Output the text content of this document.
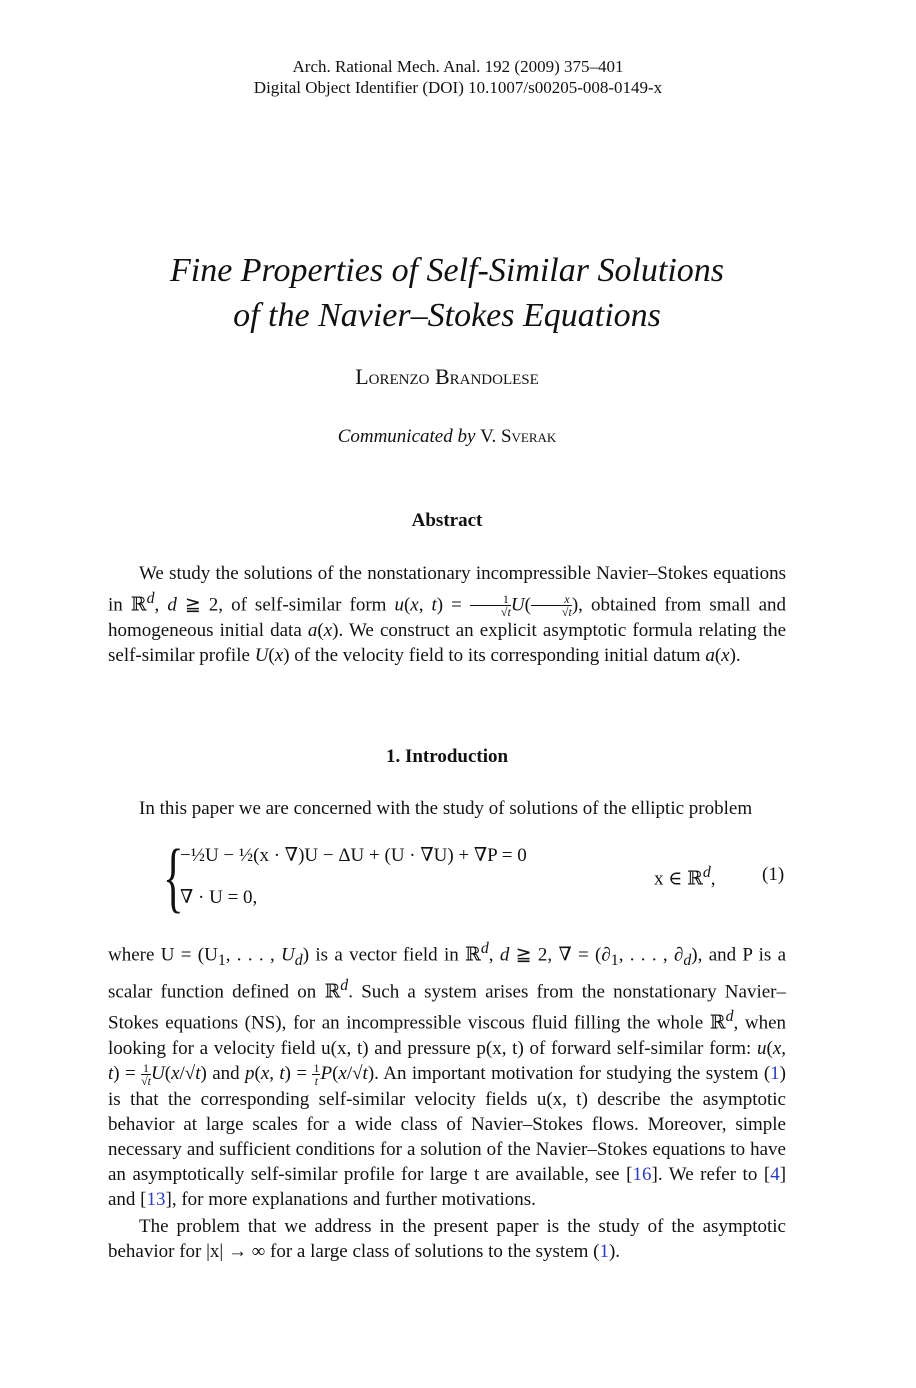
Arch. Rational Mech. Anal. 192 (2009) 375–401
Digital Object Identifier (DOI) 10.1007/s00205-008-0149-x
Fine Properties of Self-Similar Solutions
of the Navier–Stokes Equations
Lorenzo Brandolese
Communicated by V. Sverak
Abstract
We study the solutions of the nonstationary incompressible Navier–Stokes equations in ℝ$^d$, d ≧ 2, of self-similar form u(x, $t) = \frac{1}{√t} U( \frac{x}{√t}$ ), obtained from small and homogeneous initial data a(x). We construct an explicit asymptotic formula relating the self-similar profile U(x) of the velocity field to its corresponding initial datum a(x).
1. Introduction
In this paper we are concerned with the study of solutions of the elliptic problem
{
−½U − ½(x · ∇)U − ΔU + (U · ∇U) + ∇P = 0
∇ · U = 0,
x ∈ ℝ$^d$, (1)
where $U = (U_1$, . . . , $U_d$) is a vector field in ℝ$^d$, d ≧ 2, ∇ = ($\partial_1$, . . . , $\partial_d$), and P is a scalar function defined on ℝ$^d$. Such a system arises from the nonstationary Navier–Stokes equations (NS), for an incompressible viscous fluid filling the whole ℝ$^d$, when looking for a velocity field u(x, t) and pressure p(x, t) of forward self-similar form: u(x, $t) = \frac{1}{√t} U(x/√t)$ and p(x, $t) = \frac{1}{t} P(x/√t)$. An important motivation for studying the system (1) is that the corresponding self-similar velocity fields u(x, t) describe the asymptotic behavior at large scales for a wide class of Navier–Stokes flows. Moreover, simple necessary and sufficient conditions for a solution of the Navier–Stokes equations to have an asymptotically self-similar profile for large t are available, see [16]. We refer to [4] and [13], for more explanations and further motivations.
The problem that we address in the present paper is the study of the asymptotic behavior for |x| → ∞ for a large class of solutions to the system (1).
